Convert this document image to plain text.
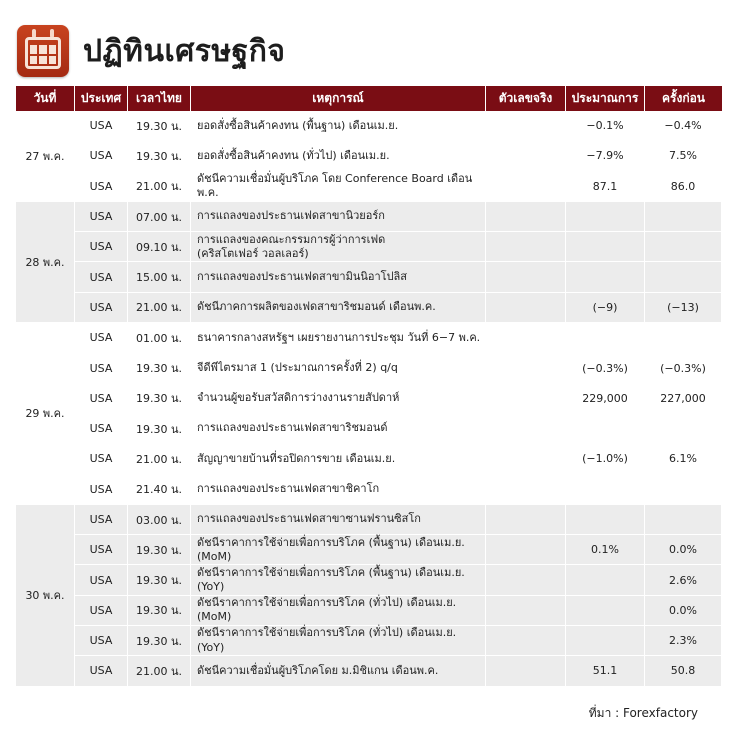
ปฏิทินเศรษฐกิจ
วันที่	ประเทศ	เวลาไทย	เหตุการณ์	ตัวเลขจริง	ประมาณการ	ครั้งก่อน
27 พ.ค.	USA	19.30 น.	ยอดสั่งซื้อสินค้าคงทน (พื้นฐาน) เดือนเม.ย.		−0.1%	−0.4%
	USA	19.30 น.	ยอดสั่งซื้อสินค้าคงทน (ทั่วไป) เดือนเม.ย.		−7.9%	7.5%
	USA	21.00 น.	ดัชนีความเชื่อมั่นผู้บริโภค โดย Conference Board เดือนพ.ค.		87.1	86.0
28 พ.ค.	USA	07.00 น.	การแถลงของประธานเฟดสาขานิวยอร์ก			

	USA	09.10 น.	การแถลงของคณะกรรมการผู้ว่าการเฟด
(คริสโตเฟอร์ วอลเลอร์)			

	USA	15.00 น.	การแถลงของประธานเฟดสาขามินนิอาโปลิส			

	USA	21.00 น.	ดัชนีภาคการผลิตของเฟดสาขาริชมอนด์ เดือนพ.ค.		(−9)	(−13)
29 พ.ค.	USA	01.00 น.	ธนาคารกลางสหรัฐฯ เผยรายงานการประชุม วันที่ 6−7 พ.ค.			

	USA	19.30 น.	จีดีพีไตรมาส 1 (ประมาณการครั้งที่ 2) q/q		(−0.3%)	(−0.3%)
	USA	19.30 น.	จำนวนผู้ขอรับสวัสดิการว่างงานรายสัปดาห์		229,000	227,000
	USA	19.30 น.	การแถลงของประธานเฟดสาขาริชมอนด์			

	USA	21.00 น.	สัญญาขายบ้านที่รอปิดการขาย เดือนเม.ย.		(−1.0%)	6.1%
	USA	21.40 น.	การแถลงของประธานเฟดสาขาชิคาโก			

30 พ.ค.	USA	03.00 น.	การแถลงของประธานเฟดสาขาซานฟรานซิสโก			

	USA	19.30 น.	ดัชนีราคาการใช้จ่ายเพื่อการบริโภค (พื้นฐาน) เดือนเม.ย. (MoM)		0.1%	0.0%
	USA	19.30 น.	ดัชนีราคาการใช้จ่ายเพื่อการบริโภค (พื้นฐาน) เดือนเม.ย. (YoY)			2.6%
	USA	19.30 น.	ดัชนีราคาการใช้จ่ายเพื่อการบริโภค (ทั่วไป) เดือนเม.ย. (MoM)			0.0%
	USA	19.30 น.	ดัชนีราคาการใช้จ่ายเพื่อการบริโภค (ทั่วไป) เดือนเม.ย. (YoY)			2.3%
	USA	21.00 น.	ดัชนีความเชื่อมั่นผู้บริโภคโดย ม.มิชิแกน เดือนพ.ค.		51.1	50.8
ที่มา : Forexfactory
